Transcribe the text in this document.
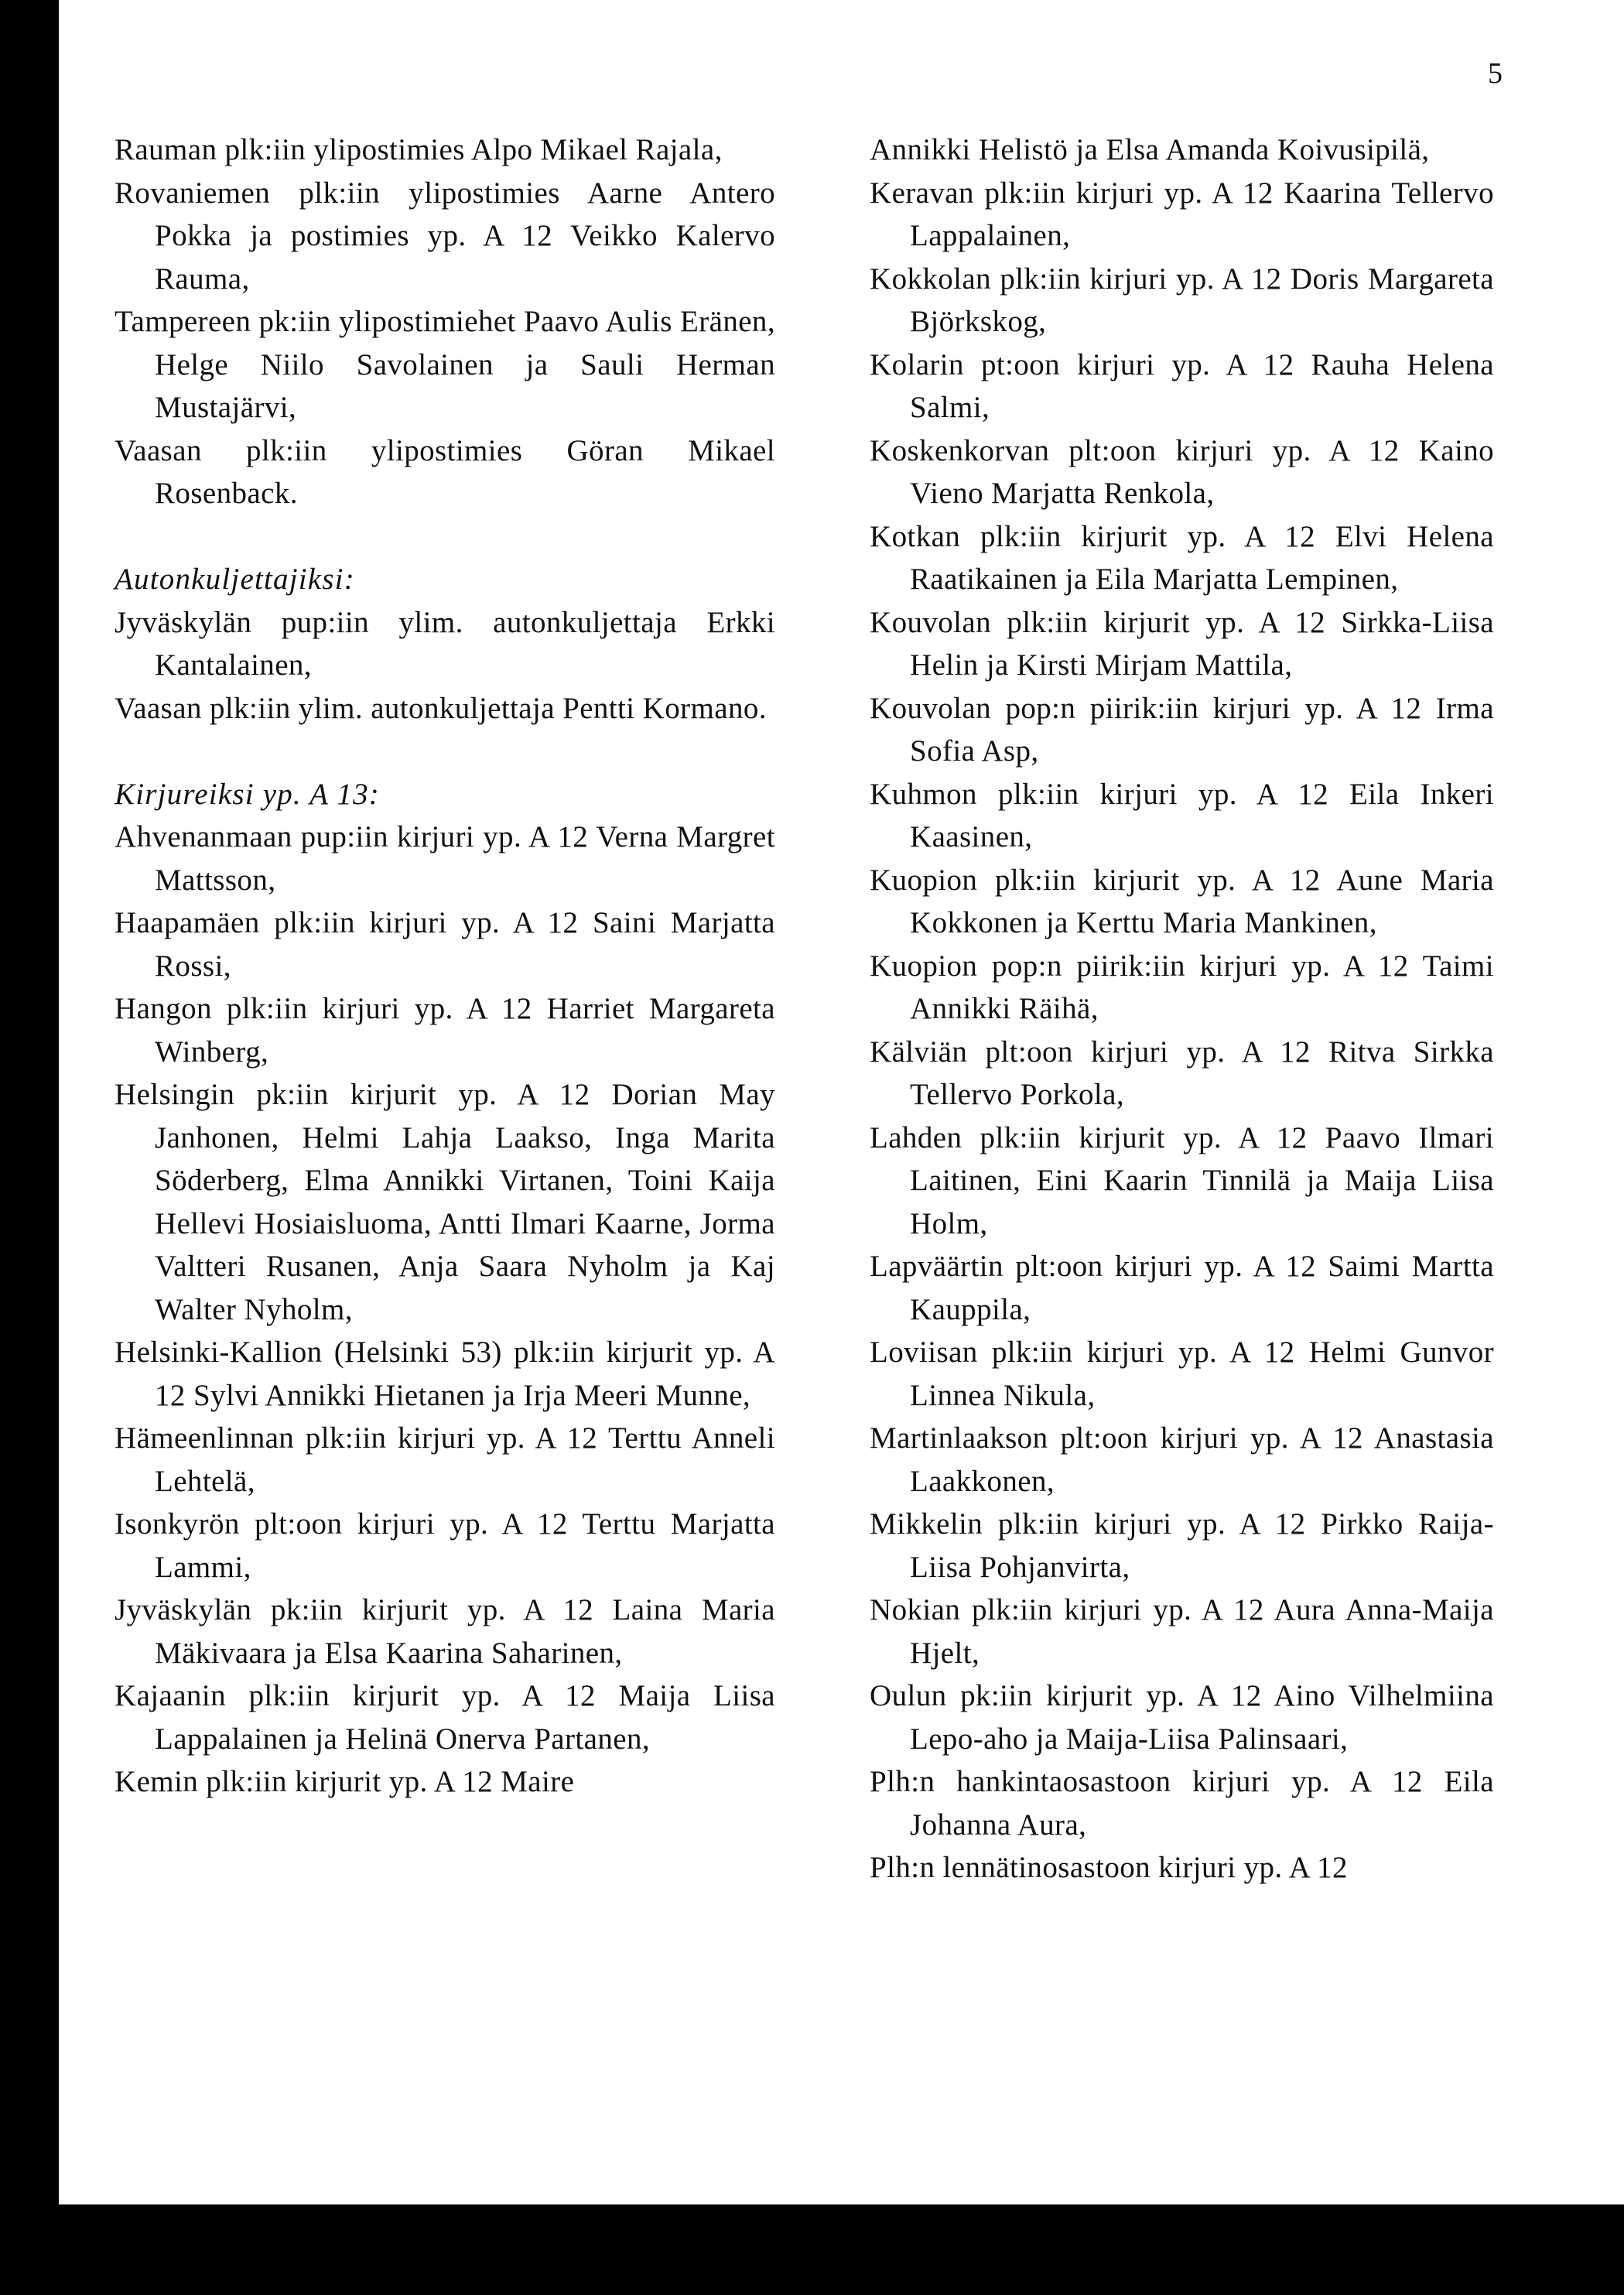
5

Rauman plk:iin ylipostimies Alpo Mikael Rajala,

Rovaniemen plk:iin ylipostimies Aarne Antero Pokka ja postimies yp. A 12 Veikko Kalervo Rauma,

Tampereen pk:iin ylipostimiehet Paavo Aulis Eränen, Helge Niilo Savolainen ja Sauli Herman Mustajärvi,

Vaasan plk:iin ylipostimies Göran Mikael Rosenback.

Autonkuljettajiksi:

Jyväskylän pup:iin ylim. autonkuljettaja Erkki Kantalainen,

Vaasan plk:iin ylim. autonkuljettaja Pentti Kormano.

Kirjureiksi yp. A 13:

Ahvenanmaan pup:iin kirjuri yp. A 12 Verna Margret Mattsson,

Haapamäen plk:iin kirjuri yp. A 12 Saini Marjatta Rossi,

Hangon plk:iin kirjuri yp. A 12 Harriet Margareta Winberg,

Helsingin pk:iin kirjurit yp. A 12 Dorian May Janhonen, Helmi Lahja Laakso, Inga Marita Söderberg, Elma Annikki Virtanen, Toini Kaija Hellevi Hosiaisluoma, Antti Ilmari Kaarne, Jorma Valtteri Rusanen, Anja Saara Nyholm ja Kaj Walter Nyholm,

Helsinki-Kallion (Helsinki 53) plk:iin kirjurit yp. A 12 Sylvi Annikki Hietanen ja Irja Meeri Munne,

Hämeenlinnan plk:iin kirjuri yp. A 12 Terttu Anneli Lehtelä,

Isonkyrön plt:oon kirjuri yp. A 12 Terttu Marjatta Lammi,

Jyväskylän pk:iin kirjurit yp. A 12 Laina Maria Mäkivaara ja Elsa Kaarina Saharinen,

Kajaanin plk:iin kirjurit yp. A 12 Maija Liisa Lappalainen ja Helinä Onerva Partanen,

Kemin plk:iin kirjurit yp. A 12 Maire

Annikki Helistö ja Elsa Amanda Koivusipilä,

Keravan plk:iin kirjuri yp. A 12 Kaarina Tellervo Lappalainen,

Kokkolan plk:iin kirjuri yp. A 12 Doris Margareta Björkskog,

Kolarin pt:oon kirjuri yp. A 12 Rauha Helena Salmi,

Koskenkorvan plt:oon kirjuri yp. A 12 Kaino Vieno Marjatta Renkola,

Kotkan plk:iin kirjurit yp. A 12 Elvi Helena Raatikainen ja Eila Marjatta Lempinen,

Kouvolan plk:iin kirjurit yp. A 12 Sirkka-Liisa Helin ja Kirsti Mirjam Mattila,

Kouvolan pop:n piirik:iin kirjuri yp. A 12 Irma Sofia Asp,

Kuhmon plk:iin kirjuri yp. A 12 Eila Inkeri Kaasinen,

Kuopion plk:iin kirjurit yp. A 12 Aune Maria Kokkonen ja Kerttu Maria Mankinen,

Kuopion pop:n piirik:iin kirjuri yp. A 12 Taimi Annikki Räihä,

Kälviän plt:oon kirjuri yp. A 12 Ritva Sirkka Tellervo Porkola,

Lahden plk:iin kirjurit yp. A 12 Paavo Ilmari Laitinen, Eini Kaarin Tinnilä ja Maija Liisa Holm,

Lapväärtin plt:oon kirjuri yp. A 12 Saimi Martta Kauppila,

Loviisan plk:iin kirjuri yp. A 12 Helmi Gunvor Linnea Nikula,

Martinlaakson plt:oon kirjuri yp. A 12 Anastasia Laakkonen,

Mikkelin plk:iin kirjuri yp. A 12 Pirkko Raija-Liisa Pohjanvirta,

Nokian plk:iin kirjuri yp. A 12 Aura Anna-Maija Hjelt,

Oulun pk:iin kirjurit yp. A 12 Aino Vilhelmiina Lepo-aho ja Maija-Liisa Palinsaari,

Plh:n hankintaosastoon kirjuri yp. A 12 Eila Johanna Aura,

Plh:n lennätinosastoon kirjuri yp. A 12
